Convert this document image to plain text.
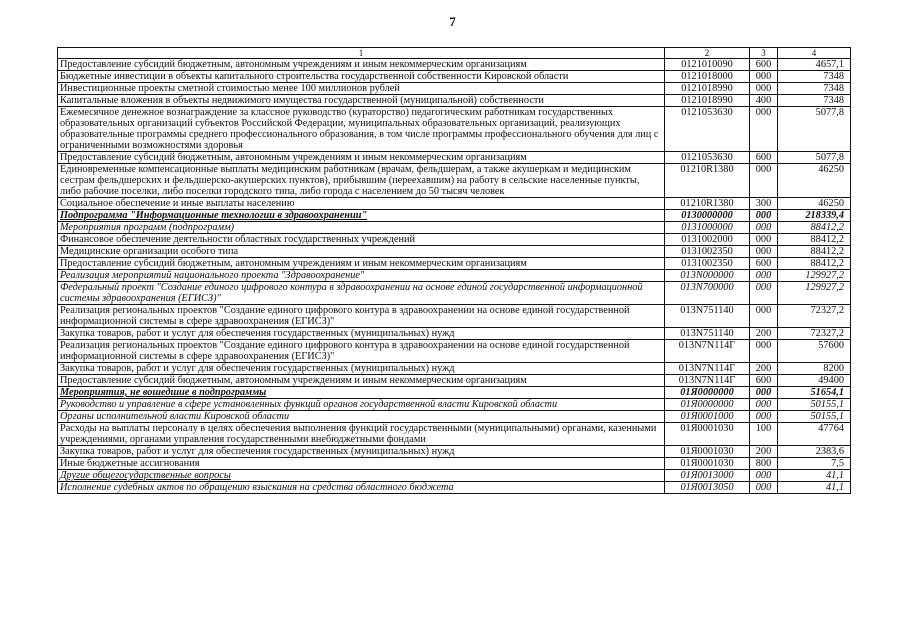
7
1	2	3	4
Предоставление субсидий бюджетным, автономным учреждениям и иным некоммерческим организациям	0121010090	600	4657,1
Бюджетные инвестиции в объекты капитального строительства государственной собственности Кировской области	0121018000	000	7348
Инвестиционные проекты сметной стоимостью менее 100 миллионов рублей	0121018990	000	7348
Капитальные вложения в объекты недвижимого имущества государственной (муниципальной) собственности	0121018990	400	7348
Ежемесячное денежное вознаграждение за классное руководство (кураторство) педагогическим работникам государственных образовательных организаций субъектов Российской Федерации, муниципальных образовательных организаций, реализующих образовательные программы среднего профессионального образования, в том числе программы профессионального обучения для лиц с ограниченными возможностями здоровья	0121053630	000	5077,8
Предоставление субсидий бюджетным, автономным учреждениям и иным некоммерческим организациям	0121053630	600	5077,8
Единовременные компенсационные выплаты медицинским работникам (врачам, фельдшерам, а также акушеркам и медицинским сестрам фельдшерских и фельдшерско-акушерских пунктов), прибывшим (переехавшим) на работу в сельские населенные пункты, либо рабочие поселки, либо поселки городского типа, либо города с населением до 50 тысяч человек	01210R1380	000	46250
Социальное обеспечение и иные выплаты населению	01210R1380	300	46250
Подпрограмма "Информационные технологии в здравоохранении"	0130000000	000	218339,4
Мероприятия программ (подпрограмм)	0131000000	000	88412,2
Финансовое обеспечение деятельности областных государственных учреждений	0131002000	000	88412,2
Медицинские организации особого типа	0131002350	000	88412,2
Предоставление субсидий бюджетным, автономным учреждениям и иным некоммерческим организациям	0131002350	600	88412,2
Реализация мероприятий национального проекта "Здравоохранение"	013N000000	000	129927,2
Федеральный проект "Создание единого цифрового контура в здравоохранении на основе единой государственной информационной системы здравоохранения (ЕГИСЗ)"	013N700000	000	129927,2
Реализация региональных проектов "Создание единого цифрового контура в здравоохранении на основе единой государственной информационной системы в сфере здравоохранения (ЕГИСЗ)"	013N751140	000	72327,2
Закупка товаров, работ и услуг для обеспечения государственных (муниципальных) нужд	013N751140	200	72327,2
Реализация региональных проектов "Создание единого цифрового контура в здравоохранении на основе единой государственной информационной системы в сфере здравоохранения (ЕГИСЗ)"	013N7N114Г	000	57600
Закупка товаров, работ и услуг для обеспечения государственных (муниципальных) нужд	013N7N114Г	200	8200
Предоставление субсидий бюджетным, автономным учреждениям и иным некоммерческим организациям	013N7N114Г	600	49400
Мероприятия, не вошедшие в подпрограммы	01Я0000000	000	51654,1
Руководство и управление в сфере установленных функций органов государственной власти Кировской области	01Я0000000	000	50155,1
Органы исполнительной власти Кировской области	01Я0001000	000	50155,1
Расходы на выплаты персоналу в целях обеспечения выполнения функций государственными (муниципальными) органами, казенными учреждениями, органами управления государственными внебюджетными фондами	01Я0001030	100	47764
Закупка товаров, работ и услуг для обеспечения государственных (муниципальных) нужд	01Я0001030	200	2383,6
Иные бюджетные ассигнования	01Я0001030	800	7,5
Другие общегосударственные вопросы	01Я0013000	000	41,1
Исполнение судебных актов по обращению взыскания на средства областного бюджета	01Я0013050	000	41,1
